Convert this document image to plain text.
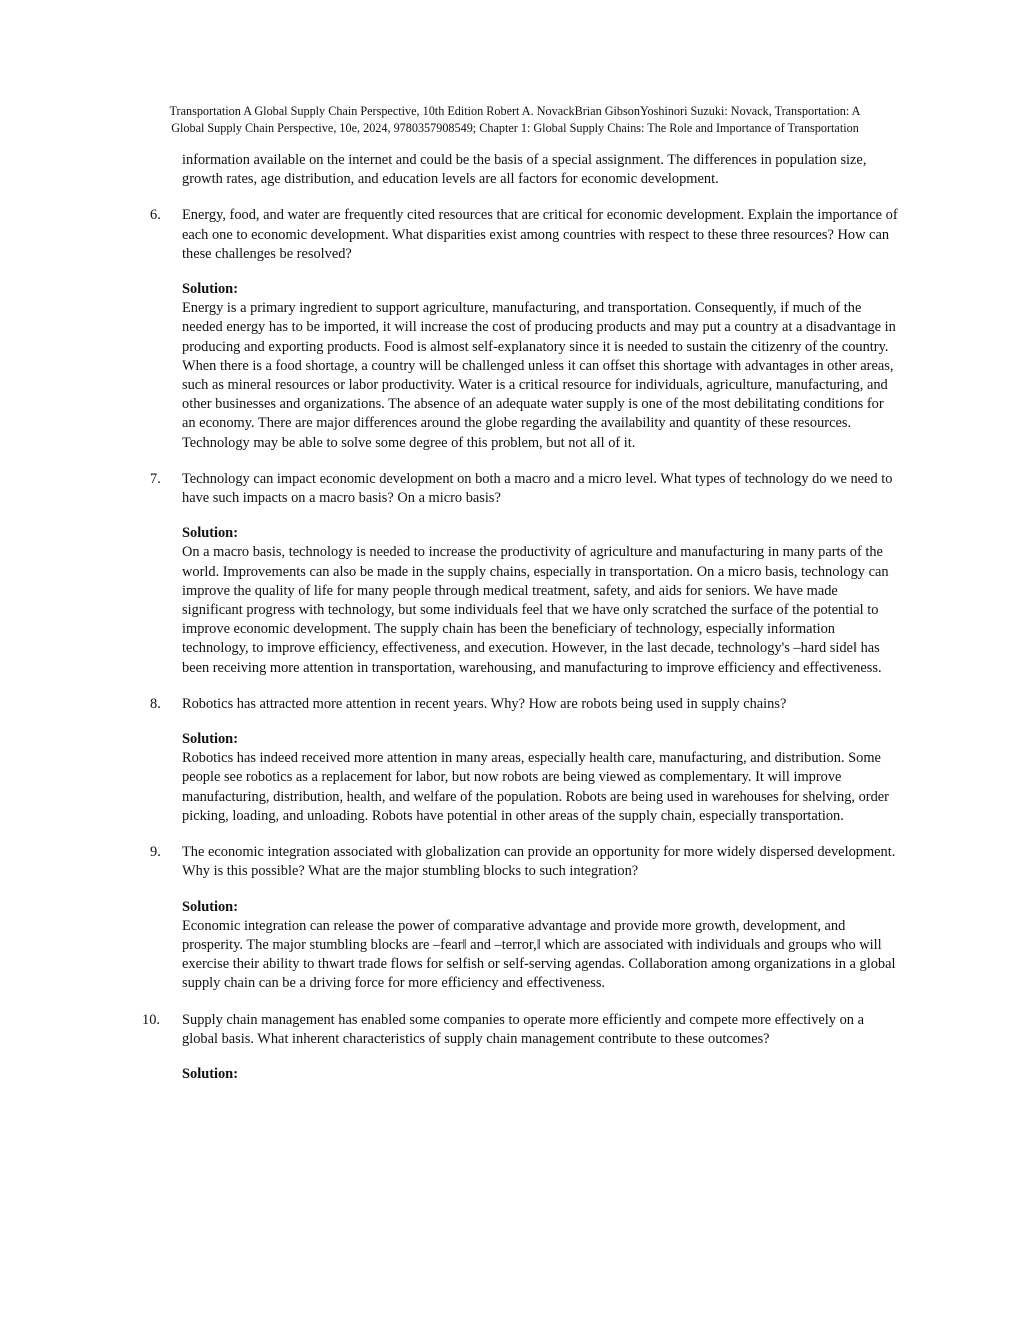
Transportation A Global Supply Chain Perspective, 10th Edition Robert A. NovackBrian GibsonYoshinori Suzuki: Novack, Transportation: A
Global Supply Chain Perspective, 10e, 2024, 9780357908549; Chapter 1: Global Supply Chains: The Role and Importance of Transportation

information available on the internet and could be the basis of a special assignment. The differences in population size, growth rates, age distribution, and education levels are all factors for economic development.

6. Energy, food, and water are frequently cited resources that are critical for economic development. Explain the importance of each one to economic development. What disparities exist among countries with respect to these three resources? How can these challenges be resolved?

Solution:

Energy is a primary ingredient to support agriculture, manufacturing, and transportation. Consequently, if much of the needed energy has to be imported, it will increase the cost of producing products and may put a country at a disadvantage in producing and exporting products. Food is almost self-explanatory since it is needed to sustain the citizenry of the country. When there is a food shortage, a country will be challenged unless it can offset this shortage with advantages in other areas, such as mineral resources or labor productivity. Water is a critical resource for individuals, agriculture, manufacturing, and other businesses and organizations. The absence of an adequate water supply is one of the most debilitating conditions for an economy. There are major differences around the globe regarding the availability and quantity of these resources. Technology may be able to solve some degree of this problem, but not all of it.

7. Technology can impact economic development on both a macro and a micro level. What types of technology do we need to have such impacts on a macro basis? On a micro basis?

Solution:

On a macro basis, technology is needed to increase the productivity of agriculture and manufacturing in many parts of the world. Improvements can also be made in the supply chains, especially in transportation. On a micro basis, technology can improve the quality of life for many people through medical treatment, safety, and aids for seniors. We have made significant progress with technology, but some individuals feel that we have only scratched the surface of the potential to improve economic development. The supply chain has been the beneficiary of technology, especially information technology, to improve efficiency, effectiveness, and execution. However, in the last decade, technology's –hard side‖ has been receiving more attention in transportation, warehousing, and manufacturing to improve efficiency and effectiveness.

8. Robotics has attracted more attention in recent years. Why? How are robots being used in supply chains?

Solution:

Robotics has indeed received more attention in many areas, especially health care, manufacturing, and distribution. Some people see robotics as a replacement for labor, but now robots are being viewed as complementary. It will improve manufacturing, distribution, health, and welfare of the population. Robots are being used in warehouses for shelving, order picking, loading, and unloading. Robots have potential in other areas of the supply chain, especially transportation.

9. The economic integration associated with globalization can provide an opportunity for more widely dispersed development. Why is this possible? What are the major stumbling blocks to such integration?

Solution:

Economic integration can release the power of comparative advantage and provide more growth, development, and prosperity. The major stumbling blocks are –fear‖ and –terror,‖ which are associated with individuals and groups who will exercise their ability to thwart trade flows for selfish or self-serving agendas. Collaboration among organizations in a global supply chain can be a driving force for more efficiency and effectiveness.

10. Supply chain management has enabled some companies to operate more efficiently and compete more effectively on a global basis. What inherent characteristics of supply chain management contribute to these outcomes?

Solution:
